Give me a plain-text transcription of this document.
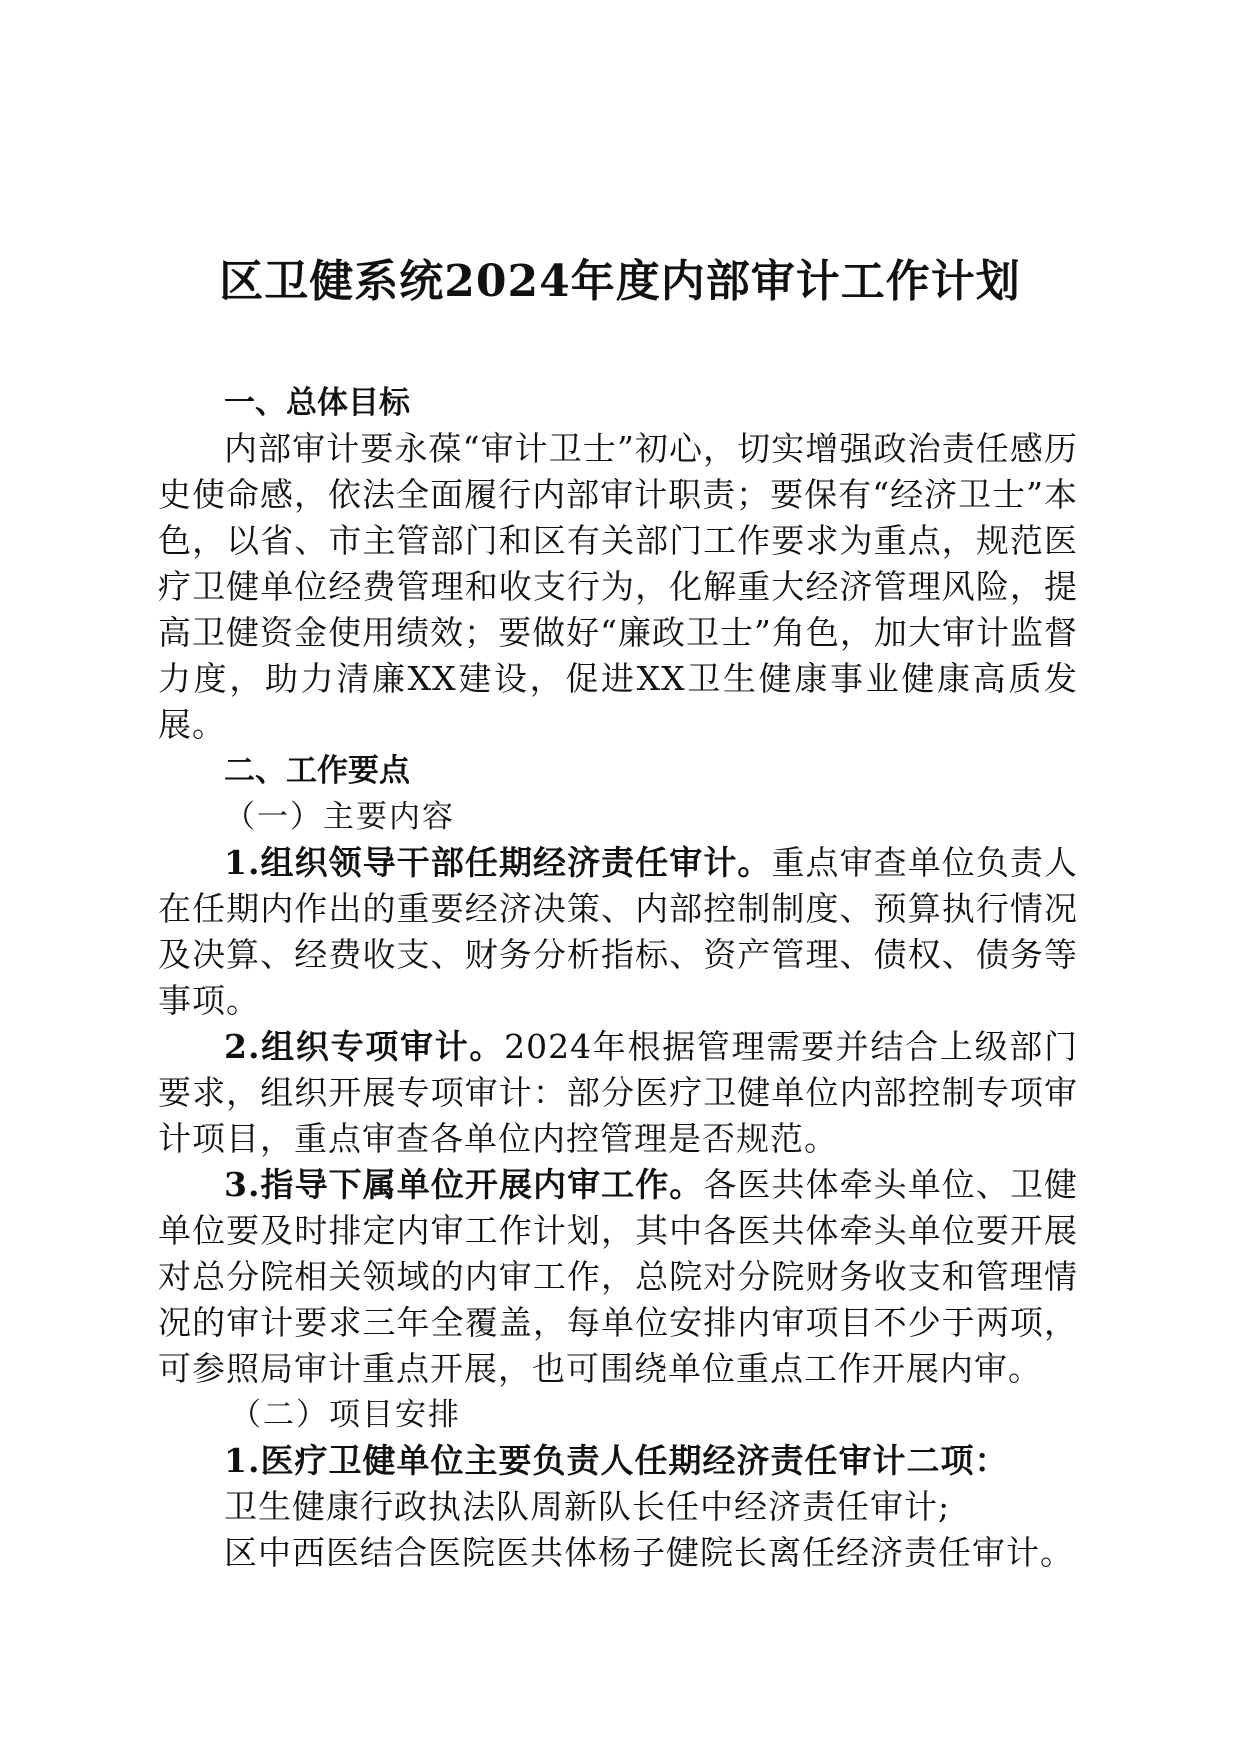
区卫健系统2024年度内部审计工作计划

一、总体目标

内部审计要永葆“审计卫士”初心，切实增强政治责任感历史使命感，依法全面履行内部审计职责；要保有“经济卫士”本色，以省、市主管部门和区有关部门工作要求为重点，规范医疗卫健单位经费管理和收支行为，化解重大经济管理风险，提高卫健资金使用绩效；要做好“廉政卫士”角色，加大审计监督力度，助力清廉XX建设，促进XX卫生健康事业健康高质发展。

二、工作要点

（一）主要内容

1.组织领导干部任期经济责任审计。重点审查单位负责人在任期内作出的重要经济决策、内部控制制度、预算执行情况及决算、经费收支、财务分析指标、资产管理、债权、债务等事项。

2.组织专项审计。2024年根据管理需要并结合上级部门要求，组织开展专项审计：部分医疗卫健单位内部控制专项审计项目，重点审查各单位内控管理是否规范。

3.指导下属单位开展内审工作。各医共体牵头单位、卫健单位要及时排定内审工作计划，其中各医共体牵头单位要开展对总分院相关领域的内审工作，总院对分院财务收支和管理情况的审计要求三年全覆盖，每单位安排内审项目不少于两项，可参照局审计重点开展，也可围绕单位重点工作开展内审。

（二）项目安排

1.医疗卫健单位主要负责人任期经济责任审计二项：

卫生健康行政执法队周新队长任中经济责任审计;

区中西医结合医院医共体杨子健院长离任经济责任审计。
